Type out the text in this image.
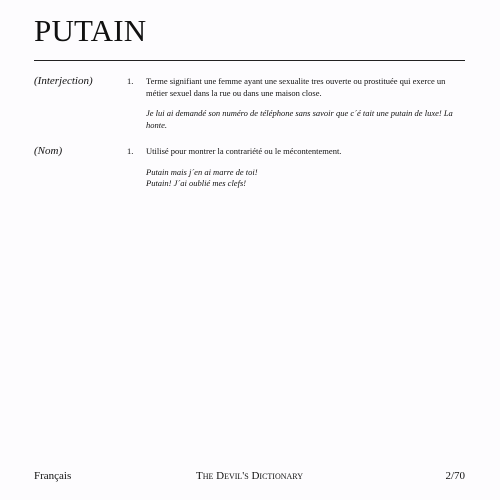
PUTAIN
(Interjection)	1. Terme signifiant une femme ayant une sexualite tres ouverte ou prostituée qui exerce un métier sexuel dans la rue ou dans une maison close.

Je lui ai demandé son numéro de téléphone sans savoir que c´é tait une putain de luxe! La honte.

(Nom)	1. Utilisé pour montrer la contrariété ou le mécontentement.

Putain mais j´en ai marre de toi!
Putain! J´ai oublié mes clefs!

Français	The Devil's Dictionary	2/70
